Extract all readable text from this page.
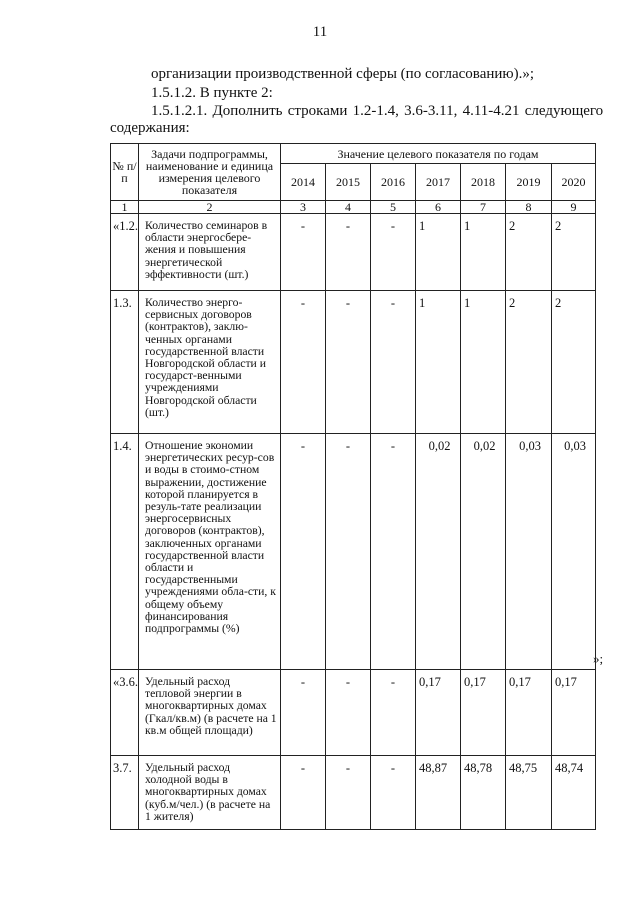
11
организации производственной сферы (по согласованию).»;
1.5.1.2. В пункте 2:
1.5.1.2.1. Дополнить строками 1.2-1.4, 3.6-3.11, 4.11-4.21 следующего
содержания:
№ п/п	Задачи подпрограммы, наименование и единица измерения целевого показателя	Значение целевого показателя по годам						
		2014	2015	2016	2017	2018	2019	2020
1	2	3	4	5	6	7	8	9
«1.2.	Количество семинаров в области энергосбере-жения и повышения энергетической эффективности (шт.)	-	-	-	1	1	2	2
1.3.	Количество энерго-сервисных договоров (контрактов), заклю-ченных органами государственной власти Новгородской области и государст-венными учреждениями Новгородской области (шт.)	-	-	-	1	1	2	2
1.4.	Отношение экономии энергетических ресур-сов и воды в стоимо-стном выражении, достижение которой планируется в резуль-тате реализации энергосервисных договоров (контрактов), заключенных органами государственной власти области и государственными учреждениями обла-сти, к общему объему финансирования подпрограммы (%)	-	-	-	0,02	0,02	0,03	0,03
«3.6.	Удельный расход тепловой энергии в многоквартирных домах (Гкал/кв.м) (в расчете на 1 кв.м общей площади)	-	-	-	0,17	0,17	0,17	0,17
3.7.	Удельный расход холодной воды в многоквартирных домах (куб.м/чел.) (в расчете на 1 жителя)	-	-	-	48,87	48,78	48,75	48,74
»;
